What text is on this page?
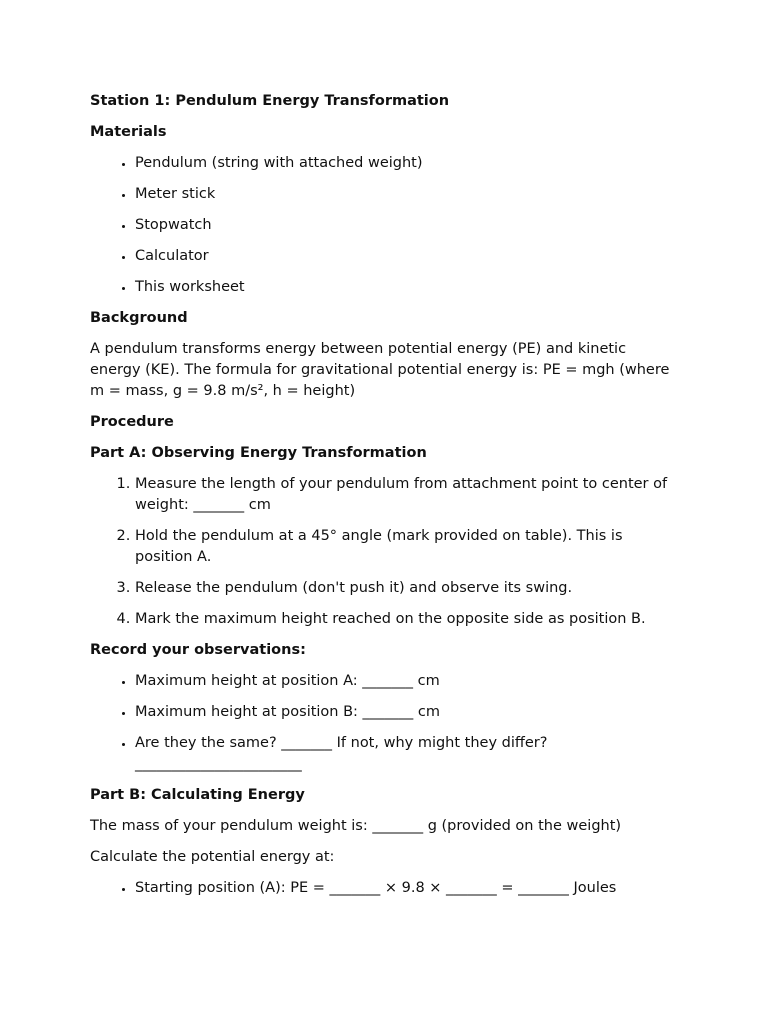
Station 1: Pendulum Energy Transformation
Materials
• Pendulum (string with attached weight)
• Meter stick
• Stopwatch
• Calculator
• This worksheet
Background

A pendulum transforms energy between potential energy (PE) and kinetic energy (KE). The formula for gravitational potential energy is: PE = mgh (where m = mass, g = 9.8 m/s², h = height)

Procedure
Part A: Observing Energy Transformation
1. Measure the length of your pendulum from attachment point to center of weight: _______ cm
2. Hold the pendulum at a 45° angle (mark provided on table). This is position A.
3. Release the pendulum (don't push it) and observe its swing.
4. Mark the maximum height reached on the opposite side as position B.
Record your observations:
• Maximum height at position A: _______ cm
• Maximum height at position B: _______ cm
• Are they the same? _______ If not, why might they differ? _______________________
Part B: Calculating Energy

The mass of your pendulum weight is: _______ g (provided on the weight)

Calculate the potential energy at:

• Starting position (A): PE = _______ × 9.8 × _______ = _______ Joules
